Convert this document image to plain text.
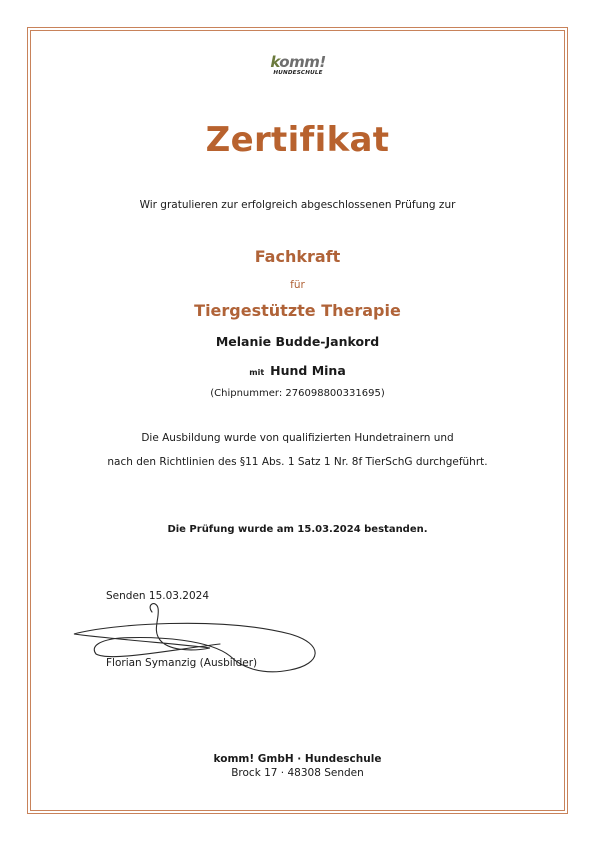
komm!
HUNDESCHULE
Zertifikat

Wir gratulieren zur erfolgreich abgeschlossenen Prüfung zur

Fachkraft

für

Tiergestützte Therapie

Melanie Budde-Jankord

mit Hund Mina

(Chipnummer: 276098800331695)

Die Ausbildung wurde von qualifizierten Hundetrainern und

nach den Richtlinien des §11 Abs. 1 Satz 1 Nr. 8f TierSchG durchgeführt.

Die Prüfung wurde am 15.03.2024 bestanden.

Senden 15.03.2024

Florian Symanzig (Ausbilder)

komm! GmbH · Hundeschule

Brock 17 · 48308 Senden
